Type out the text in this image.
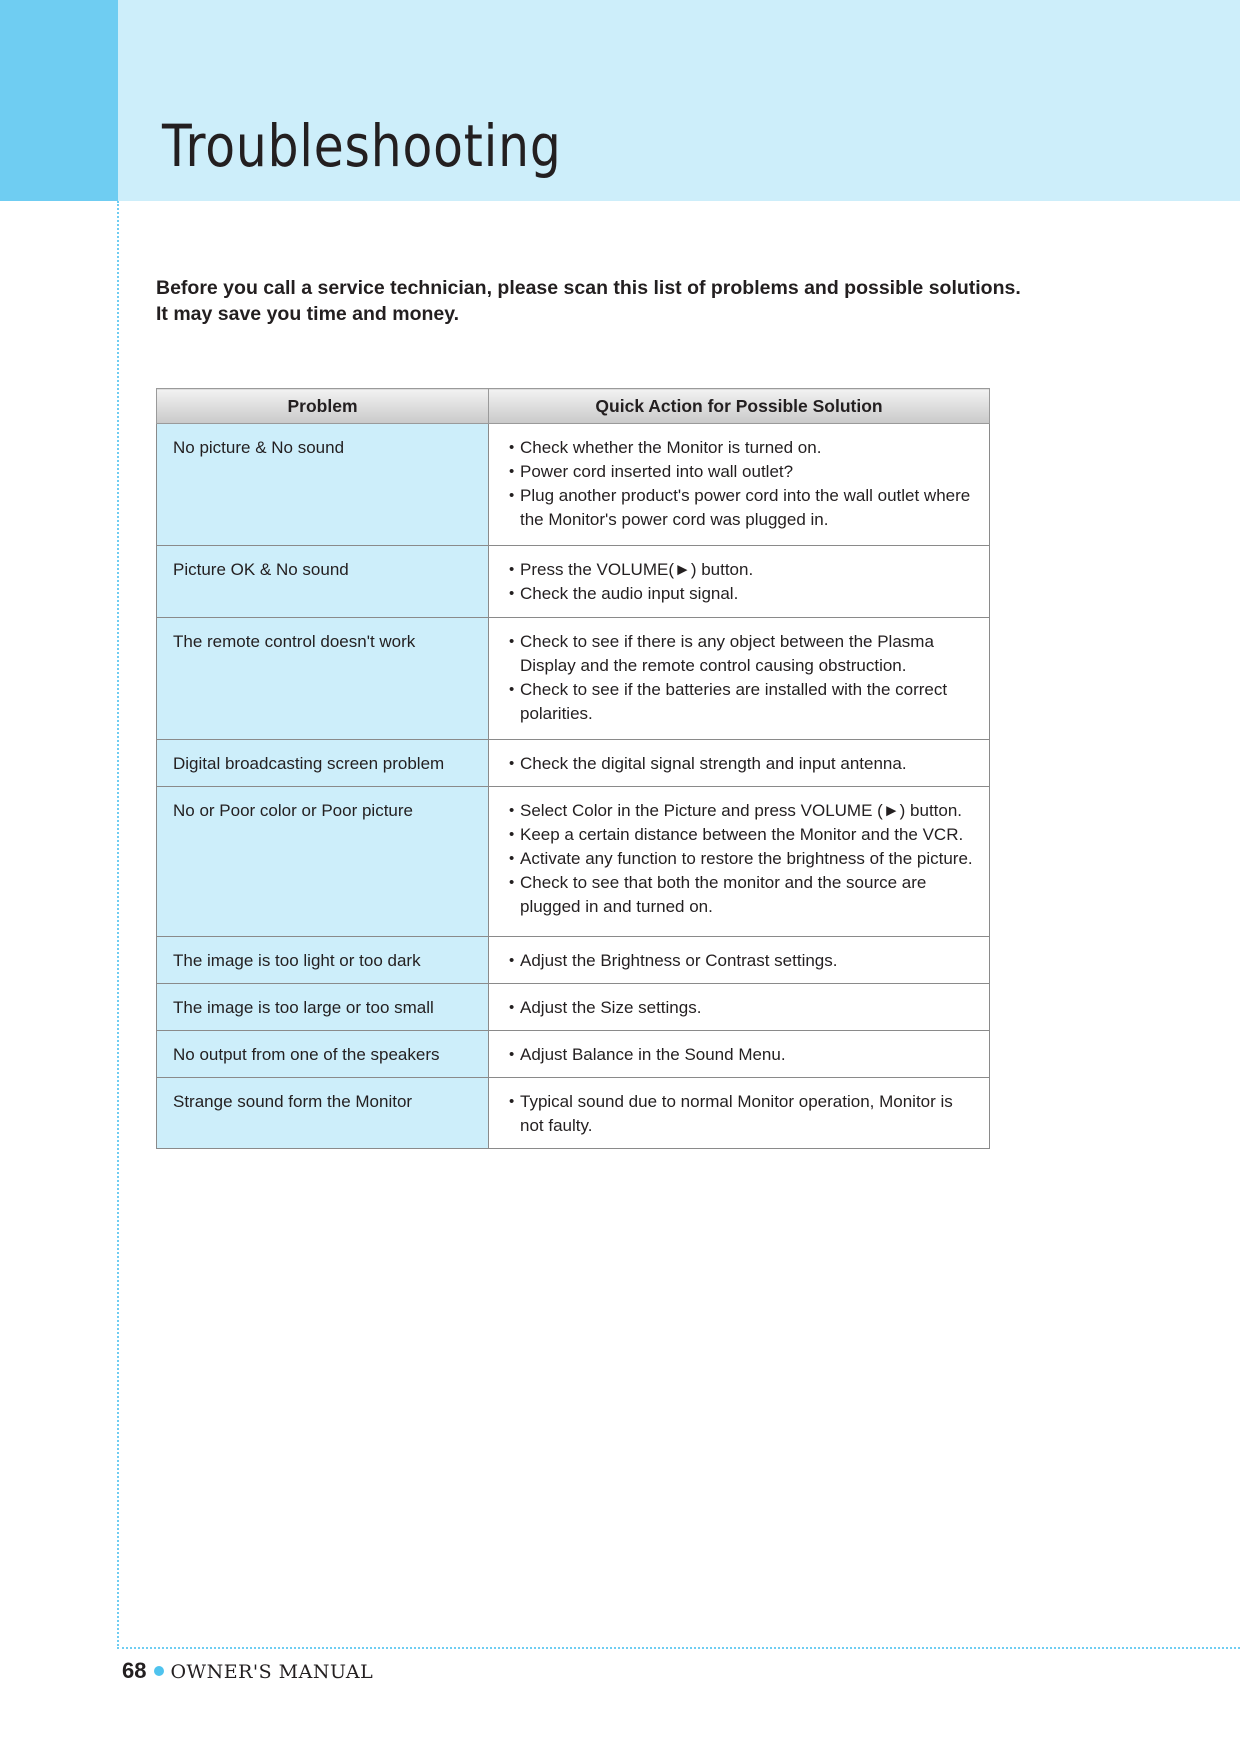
Troubleshooting
Before you call a service technician, please scan this list of problems and possible solutions.
It may save you time and money.
Problem	Quick Action for Possible Solution
No picture & No sound	• Check whether the Monitor is turned on.
• Power cord inserted into wall outlet?
• Plug another product's power cord into the wall outlet where the Monitor's power cord was plugged in.

Picture OK & No sound	• Press the VOLUME(►) button.
• Check the audio input signal.

The remote control doesn't work	• Check to see if there is any object between the Plasma Display and the remote control causing obstruction.
• Check to see if the batteries are installed with the correct polarities.

Digital broadcasting screen problem	• Check the digital signal strength and input antenna.

No or Poor color or Poor picture	• Select Color in the Picture and press VOLUME (►) button.
• Keep a certain distance between the Monitor and the VCR.
• Activate any function to restore the brightness of the picture.
• Check to see that both the monitor and the source are plugged in and turned on.

The image is too light or too dark	• Adjust the Brightness or Contrast settings.

The image is too large or too small	• Adjust the Size settings.

No output from one of the speakers	• Adjust Balance in the Sound Menu.

Strange sound form the Monitor	• Typical sound due to normal Monitor operation, Monitor is not faulty.
68 OWNER'S MANUAL
